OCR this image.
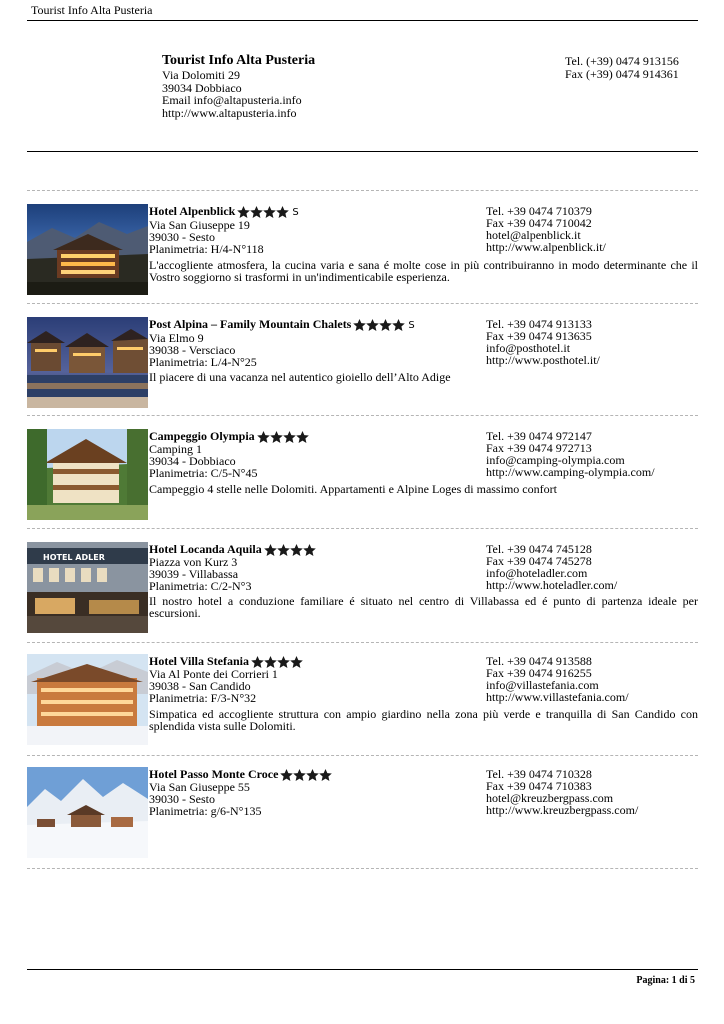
Tourist Info Alta Pusteria
Tourist Info Alta Pusteria
Via Dolomiti 29
39034 Dobbiaco
Email info@altapusteria.info
http://www.altapusteria.info
Tel. (+39) 0474 913156
Fax (+39) 0474 914361
Hotel Alpenblick	S
Via San Giuseppe 19
39030 - Sesto
Planimetria: H/4-N°118
Tel. +39 0474 710379
Fax +39 0474 710042
hotel@alpenblick.it
http://www.alpenblick.it/
L'accogliente atmosfera, la cucina varia e sana é molte cose in più contribuiranno in modo determinante che il Vostro soggiorno si trasformi in un'indimenticabile esperienza.
Post Alpina – Family Mountain Chalets	S
Via Elmo 9
39038 - Versciaco
Planimetria: L/4-N°25
Tel. +39 0474 913133
Fax +39 0474 913635
info@posthotel.it
http://www.posthotel.it/
Il piacere di una vacanza nel autentico gioiello dell’Alto Adige
Campeggio Olympia
Camping 1
39034 - Dobbiaco
Planimetria: C/5-N°45
Tel. +39 0474 972147
Fax +39 0474 972713
info@camping-olympia.com
http://www.camping-olympia.com/
Campeggio 4 stelle nelle Dolomiti. Appartamenti e Alpine Loges di massimo confort
HOTEL ADLER
Hotel Locanda Aquila
Piazza von Kurz 3
39039 - Villabassa
Planimetria: C/2-N°3
Tel. +39 0474 745128
Fax +39 0474 745278
info@hoteladler.com
http://www.hoteladler.com/
Il nostro hotel a conduzione familiare é situato nel centro di Villabassa ed é punto di partenza ideale per escursioni.
Hotel Villa Stefania
Via Al Ponte dei Corrieri 1
39038 - San Candido
Planimetria: F/3-N°32
Tel. +39 0474 913588
Fax +39 0474 916255
info@villastefania.com
http://www.villastefania.com/
Simpatica ed accogliente struttura con ampio giardino nella zona più verde e tranquilla di San Candido con splendida vista sulle Dolomiti.
Hotel Passo Monte Croce
Via San Giuseppe 55
39030 - Sesto
Planimetria: g/6-N°135
Tel. +39 0474 710328
Fax +39 0474 710383
hotel@kreuzbergpass.com
http://www.kreuzbergpass.com/
Pagina: 1 di 5
